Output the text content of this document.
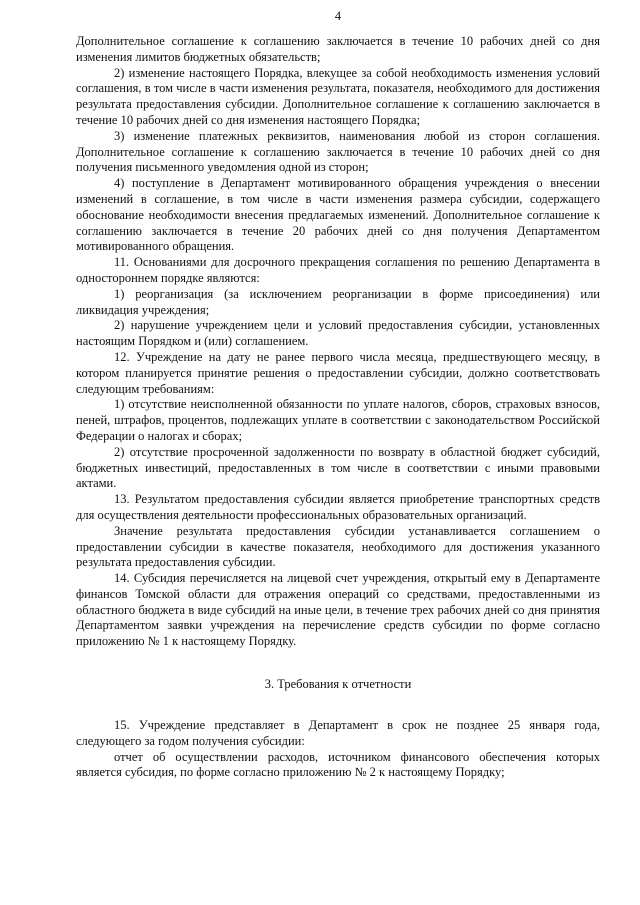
4

Дополнительное соглашение к соглашению заключается в течение 10 рабочих дней со дня изменения лимитов бюджетных обязательств;

2) изменение настоящего Порядка, влекущее за собой необходимость изменения условий соглашения, в том числе в части изменения результата, показателя, необходимого для достижения результата предоставления субсидии. Дополнительное соглашение к соглашению заключается в течение 10 рабочих дней со дня изменения настоящего Порядка;

3) изменение платежных реквизитов, наименования любой из сторон соглашения. Дополнительное соглашение к соглашению заключается в течение 10 рабочих дней со дня получения письменного уведомления одной из сторон;

4) поступление в Департамент мотивированного обращения учреждения о внесении изменений в соглашение, в том числе в части изменения размера субсидии, содержащего обоснование необходимости внесения предлагаемых изменений. Дополнительное соглашение к соглашению заключается в течение 20 рабочих дней со дня получения Департаментом мотивированного обращения.

11. Основаниями для досрочного прекращения соглашения по решению Департамента в одностороннем порядке являются:

1) реорганизация (за исключением реорганизации в форме присоединения) или ликвидация учреждения;

2) нарушение учреждением цели и условий предоставления субсидии, установленных настоящим Порядком и (или) соглашением.

12. Учреждение на дату не ранее первого числа месяца, предшествующего месяцу, в котором планируется принятие решения о предоставлении субсидии, должно соответствовать следующим требованиям:

1) отсутствие неисполненной обязанности по уплате налогов, сборов, страховых взносов, пеней, штрафов, процентов, подлежащих уплате в соответствии с законодательством Российской Федерации о налогах и сборах;

2) отсутствие просроченной задолженности по возврату в областной бюджет субсидий, бюджетных инвестиций, предоставленных в том числе в соответствии с иными правовыми актами.

13. Результатом предоставления субсидии является приобретение транспортных средств для осуществления деятельности профессиональных образовательных организаций.

Значение результата предоставления субсидии устанавливается соглашением о предоставлении субсидии в качестве показателя, необходимого для достижения указанного результата предоставления субсидии.

14. Субсидия перечисляется на лицевой счет учреждения, открытый ему в Департаменте финансов Томской области для отражения операций со средствами, предоставленными из областного бюджета в виде субсидий на иные цели, в течение трех рабочих дней со дня принятия Департаментом заявки учреждения на перечисление средств субсидии по форме согласно приложению № 1 к настоящему Порядку.

3. Требования к отчетности

15. Учреждение представляет в Департамент в срок не позднее 25 января года, следующего за годом получения субсидии:

отчет об осуществлении расходов, источником финансового обеспечения которых является субсидия, по форме согласно приложению № 2 к настоящему Порядку;
